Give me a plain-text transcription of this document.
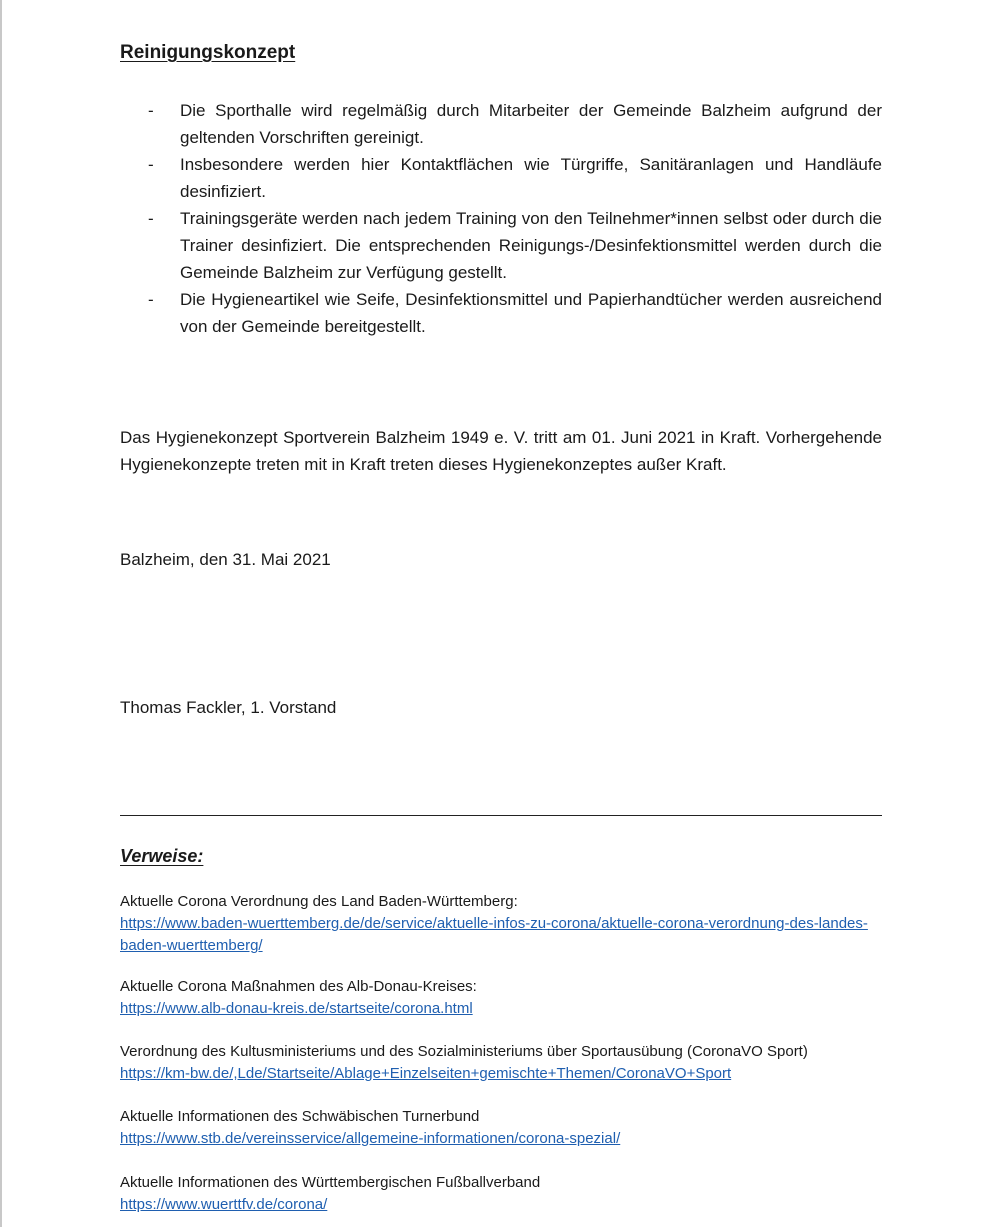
Reinigungskonzept
- Die Sporthalle wird regelmäßig durch Mitarbeiter der Gemeinde Balzheim aufgrund der geltenden Vorschriften gereinigt.
- Insbesondere werden hier Kontaktflächen wie Türgriffe, Sanitäranlagen und Handläufe desinfiziert.
- Trainingsgeräte werden nach jedem Training von den Teilnehmer*innen selbst oder durch die Trainer desinfiziert. Die entsprechenden Reinigungs-/Desinfektionsmittel werden durch die Gemeinde Balzheim zur Verfügung gestellt.
- Die Hygieneartikel wie Seife, Desinfektionsmittel und Papierhandtücher werden ausreichend von der Gemeinde bereitgestellt.
Das Hygienekonzept Sportverein Balzheim 1949 e. V. tritt am 01. Juni 2021 in Kraft. Vorhergehende Hygienekonzepte treten mit in Kraft treten dieses Hygienekonzeptes außer Kraft.
Balzheim, den 31. Mai 2021
Thomas Fackler, 1. Vorstand
Verweise:
Aktuelle Corona Verordnung des Land Baden-Württemberg:
https://www.baden-wuerttemberg.de/de/service/aktuelle-infos-zu-corona/aktuelle-corona-verordnung-des-landes-baden-wuerttemberg/
Aktuelle Corona Maßnahmen des Alb-Donau-Kreises:
https://www.alb-donau-kreis.de/startseite/corona.html
Verordnung des Kultusministeriums und des Sozialministeriums über Sportausübung (CoronaVO Sport)
https://km-bw.de/,Lde/Startseite/Ablage+Einzelseiten+gemischte+Themen/CoronaVO+Sport
Aktuelle Informationen des Schwäbischen Turnerbund
https://www.stb.de/vereinsservice/allgemeine-informationen/corona-spezial/
Aktuelle Informationen des Württembergischen Fußballverband
https://www.wuerttfv.de/corona/
